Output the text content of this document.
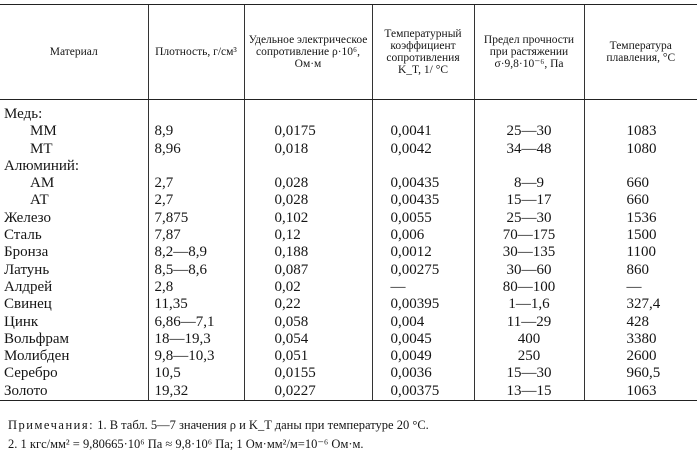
Материал	Плотность, г/см³	Удельное электрическое сопротивление ρ·10⁶, Ом·м	Температурный коэффициент сопротивления K_T, 1/ °C	Предел прочности при растяжении σ·9,8·10⁻⁶, Па	Температура плавления, °C
Медь:					
ММ	8,9	0,0175	0,0041	25—30	1083
МТ	8,96	0,018	0,0042	34—48	1080
Алюминий:					
АМ	2,7	0,028	0,00435	8—9	660
АТ	2,7	0,028	0,00435	15—17	660
Железо	7,875	0,102	0,0055	25—30	1536
Сталь	7,87	0,12	0,006	70—175	1500
Бронза	8,2—8,9	0,188	0,0012	30—135	1100
Латунь	8,5—8,6	0,087	0,00275	30—60	860
Алдрей	2,8	0,02	—	80—100	—
Свинец	11,35	0,22	0,00395	1—1,6	327,4
Цинк	6,86—7,1	0,058	0,004	11—29	428
Вольфрам	18—19,3	0,054	0,0045	400	3380
Молибден	9,8—10,3	0,051	0,0049	250	2600
Серебро	10,5	0,0155	0,0036	15—30	960,5
Золото	19,32	0,0227	0,00375	13—15	1063
Примечания: 1. В табл. 5—7 значения ρ и K_T даны при температуре 20 °C.
2. 1 кгс/мм² = 9,80665·10⁶ Па ≈ 9,8·10⁶ Па; 1 Ом·мм²/м=10⁻⁶ Ом·м.
